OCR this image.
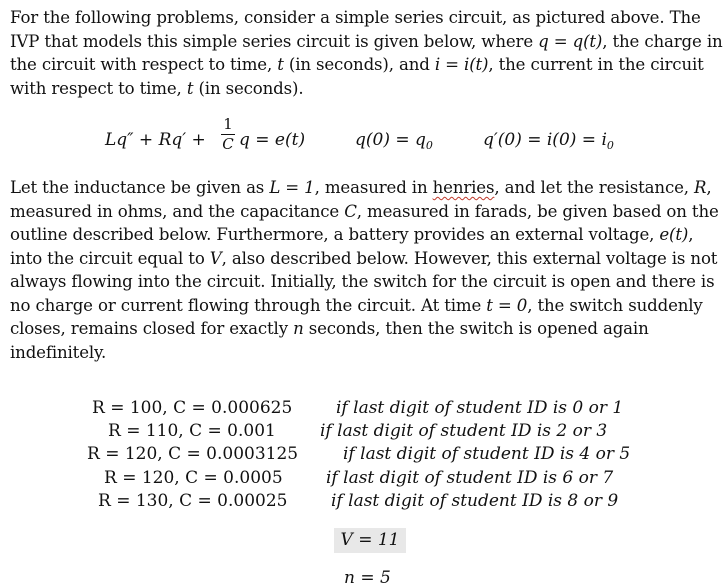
For the following problems, consider a simple series circuit, as pictured above. The IVP that models this simple series circuit is given below, where q = q(t), the charge in the circuit with respect to time, t (in seconds), and i = i(t), the current in the circuit with respect to time, t (in seconds).
$Lq'' + Rq' + \frac{1}{C}$ q = e(t)	$q(0) = q_0$	$q'(0) = i(0) = i_0$
Let the inductance be given as L = 1, measured in henries, and let the resistance, R, measured in ohms, and the capacitance C, measured in farads, be given based on the outline described below. Furthermore, a battery provides an external voltage, e(t), into the circuit equal to V, also described below. However, this external voltage is not always flowing into the circuit. Initially, the switch for the circuit is open and there is no charge or current flowing through the circuit. At time t = 0, the switch suddenly closes, remains closed for exactly n seconds, then the switch is opened again indefinitely.
R = 100, C = 0.000625	if last digit of student ID is 0 or 1
R = 110, C = 0.001	if last digit of student ID is 2 or 3
R = 120, C = 0.0003125	if last digit of student ID is 4 or 5
R = 120, C = 0.0005	if last digit of student ID is 6 or 7
R = 130, C = 0.00025	if last digit of student ID is 8 or 9
V = 11
n = 5
